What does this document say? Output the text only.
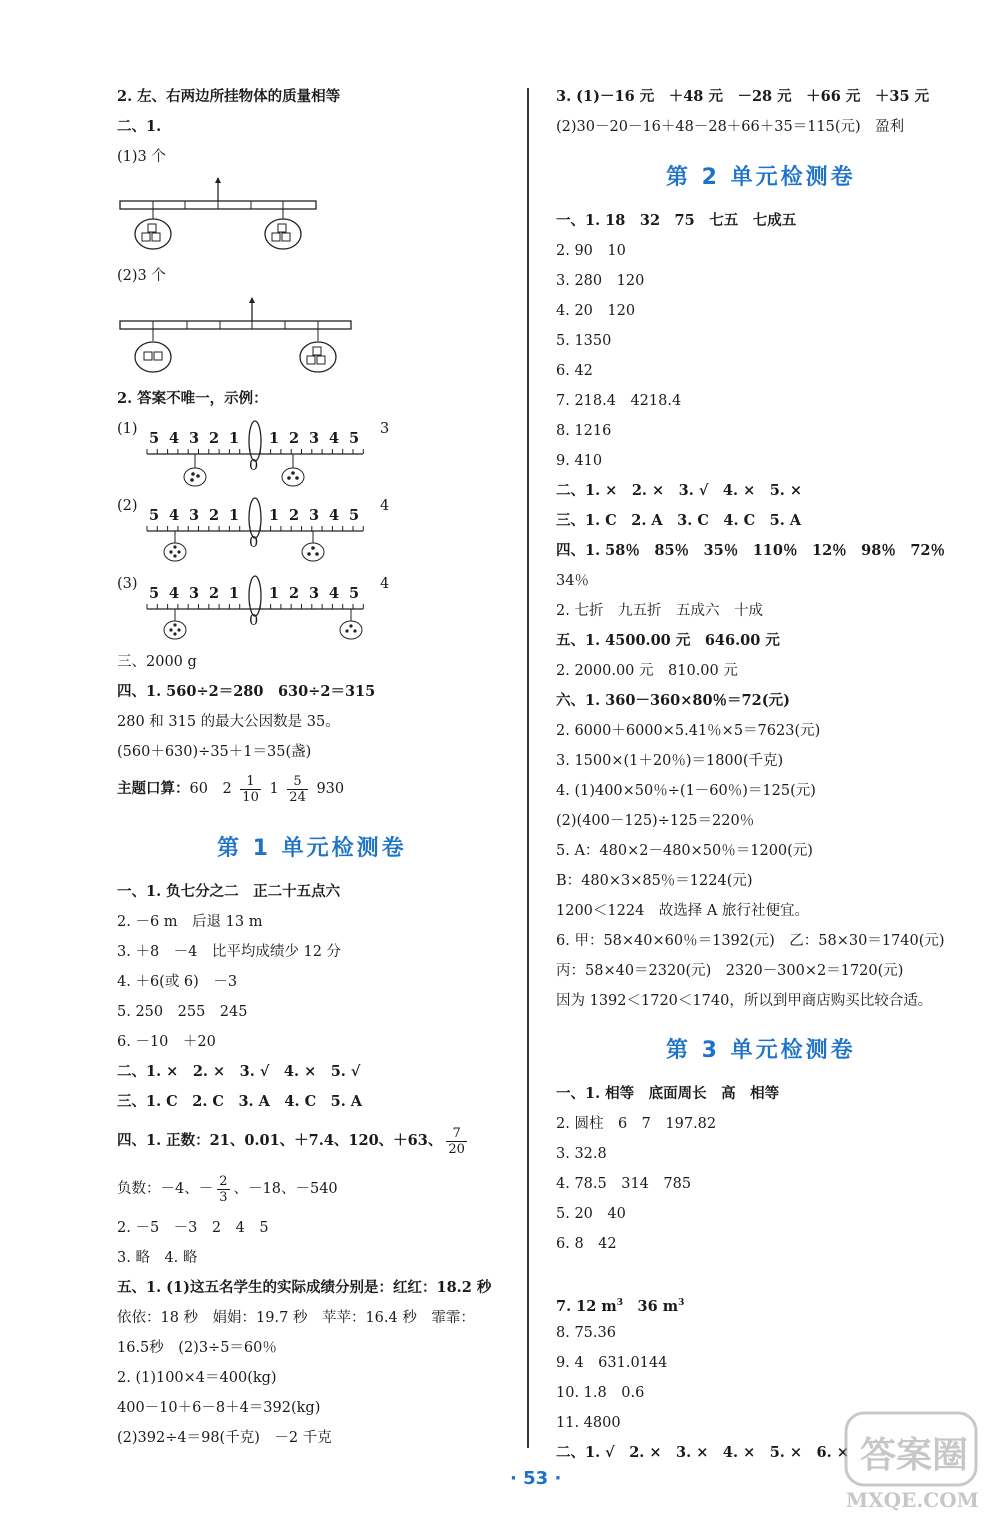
2. 左、右两边所挂物体的质量相等
二、1.
(1)3 个
(2)3 个
2. 答案不唯一，示例：
(1)	3
5 4 3 2 1 1 2 3 4 5
0
(2)	4
5 4 3 2 1 1 2 3 4 5
0
(3)	4
5 4 3 2 1 1 2 3 4 5
0
三、2000 g
四、1. 560÷2＝280　630÷2＝315
280 和 315 的最大公因数是 35。
(560＋630)÷35＋1＝35(盏)
主题口算：60　$2 \frac{1}{10} 1 \frac{5}{24} 930$
第 1 单元检测卷
一、1. 负七分之二　正二十五点六
2. －6 m　后退 13 m
3. ＋8　－4　比平均成绩少 12 分
4. ＋6(或 6)　－3
5. 250　255　245
6. －10　＋20
二、1. ×　2. ×　3. √　4. ×　5. √
三、1. C　2. C　3. A　4. C　5. A
四、1. 正数：21、0.01、＋7.4、120、＋63、 $\frac{7}{20}$
负数：－4、－ $\frac{2}{3}$ 、－18、－540
2. －5　－3　2　4　5
3. 略　4. 略
五、1. (1)这五名学生的实际成绩分别是：红红：18.2 秒
依依：18 秒　娟娟：19.7 秒　苹苹：16.4 秒　霏霏：
16.5秒　(2)3÷5＝60％
2. (1)100×4＝400(kg)
400－10＋6－8＋4＝392(kg)
(2)392÷4＝98(千克)　－2 千克
3. (1)－16 元　＋48 元　－28 元　＋66 元　＋35 元
(2)30－20－16＋48－28＋66＋35＝115(元)　盈利
第 2 单元检测卷
一、1. 18　32　75　七五　七成五
2. 90　10
3. 280　120
4. 20　120
5. 1350
6. 42
7. 218.4　4218.4
8. 1216
9. 410
二、1. ×　2. ×　3. √　4. ×　5. ×
三、1. C　2. A　3. C　4. C　5. A
四、1. 58％　85％　35％　110％　12％　98％　72％
34％
2. 七折　九五折　五成六　十成
五、1. 4500.00 元　646.00 元
2. 2000.00 元　810.00 元
六、1. 360－360×80％＝72(元)
2. 6000＋6000×5.41％×5＝7623(元)
3. 1500×(1＋20％)＝1800(千克)
4. (1)400×50％÷(1－60％)＝125(元)
(2)(400－125)÷125＝220％
5. A：480×2－480×50％＝1200(元)
B：480×3×85％＝1224(元)
1200＜1224　故选择 A 旅行社便宜。
6. 甲：58×40×60％＝1392(元)　乙：58×30＝1740(元)
丙：58×40＝2320(元)　2320－300×2＝1720(元)
因为 1392＜1720＜1740，所以到甲商店购买比较合适。
第 3 单元检测卷
一、1. 相等　底面周长　高　相等
2. 圆柱　6　7　197.82
3. 32.8
4. 78.5　314　785
5. 20　40
6. 8　42
7. 12 $m^3$　36 $m^3$
8. 75.36
9. 4　631.0144
10. 1.8　0.6
11. 4800
二、1. √　2. ×　3. ×　4. ×　5. ×　6. ×
· 53 ·
答案圈
MXQE.COM
